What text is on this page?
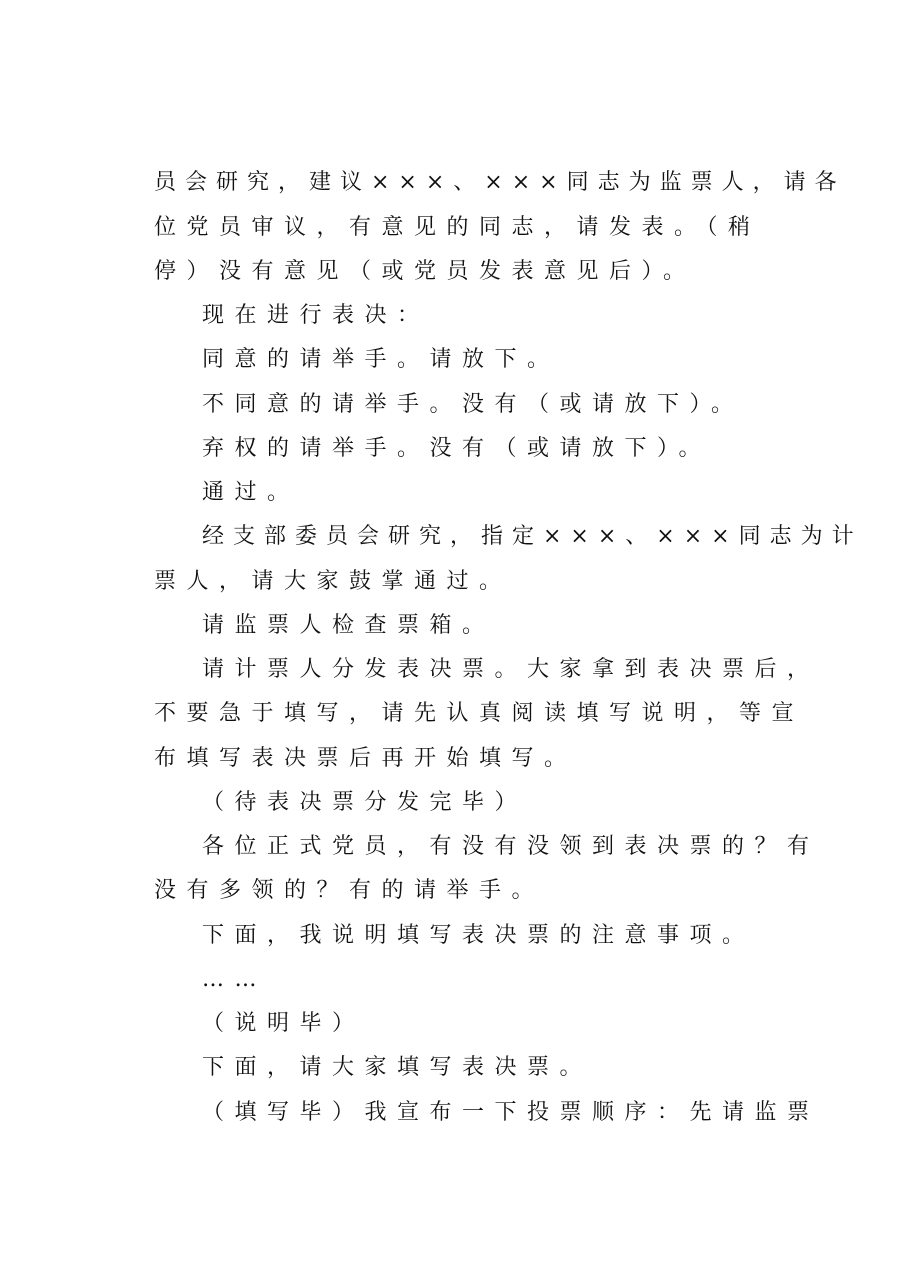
员会研究，建议×××、×××同志为监票人，请各
位党员审议，有意见的同志，请发表。（稍
停）没有意见（或党员发表意见后）。
现在进行表决：
同意的请举手。请放下。
不同意的请举手。没有（或请放下）。
弃权的请举手。没有（或请放下）。
通过。
经支部委员会研究，指定×××、×××同志为计
票人，请大家鼓掌通过。
请监票人检查票箱。
请计票人分发表决票。大家拿到表决票后，
不要急于填写，请先认真阅读填写说明，等宣
布填写表决票后再开始填写。
（待表决票分发完毕）
各位正式党员，有没有没领到表决票的？有
没有多领的？有的请举手。
下面，我说明填写表决票的注意事项。
……
（说明毕）
下面，请大家填写表决票。
（填写毕）我宣布一下投票顺序：先请监票
